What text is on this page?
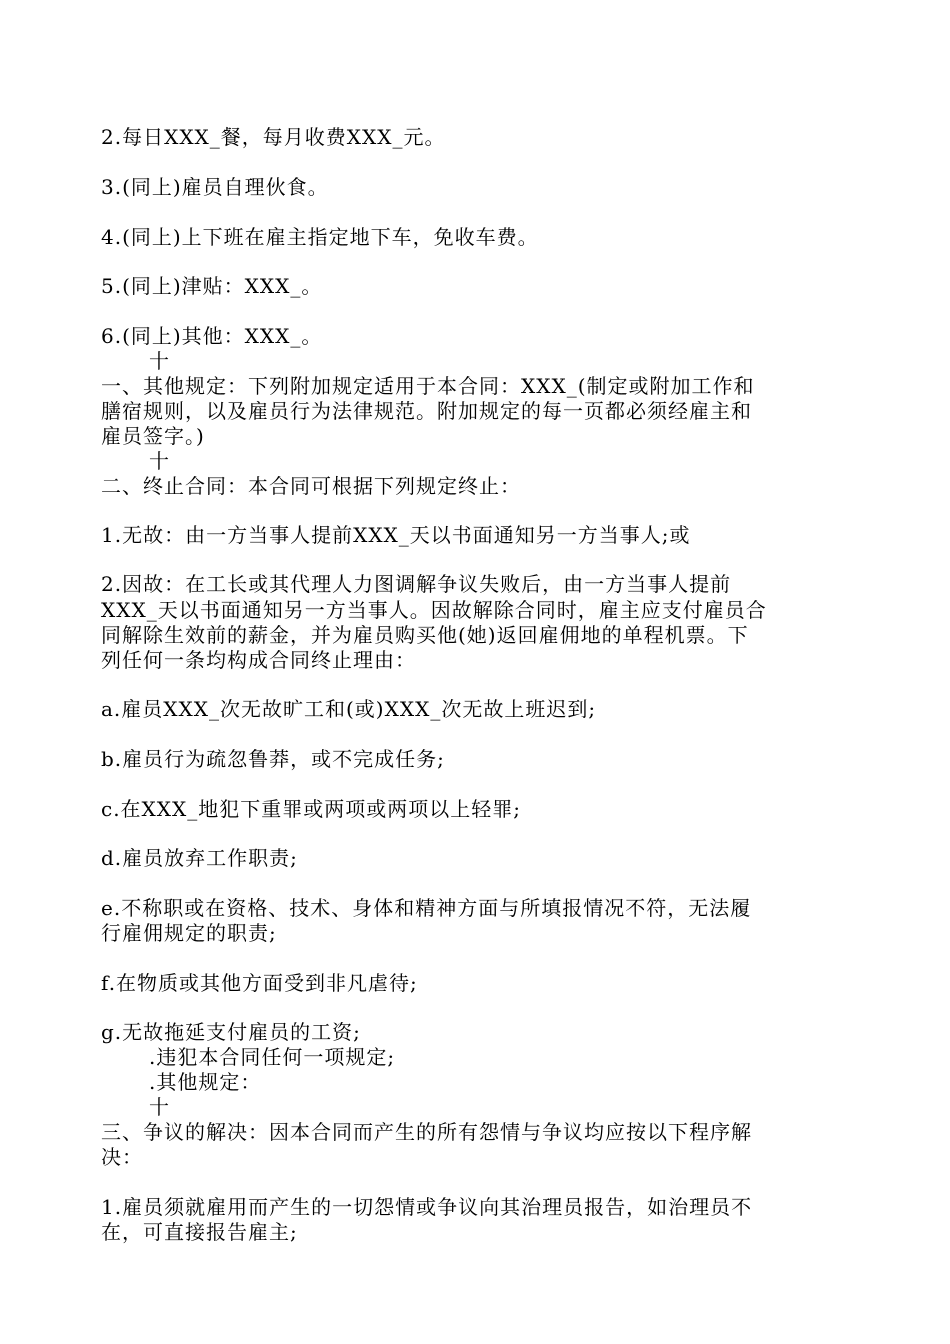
2.每日XXX_餐，每月收费XXX_元。
3.(同上)雇员自理伙食。
4.(同上)上下班在雇主指定地下车，免收车费。
5.(同上)津贴：XXX_。
6.(同上)其他：XXX_。
十
一、其他规定：下列附加规定适用于本合同：XXX_(制定或附加工作和
膳宿规则，以及雇员行为法律规范。附加规定的每一页都必须经雇主和
雇员签字。)
十
二、终止合同：本合同可根据下列规定终止：
1.无故：由一方当事人提前XXX_天以书面通知另一方当事人;或
2.因故：在工长或其代理人力图调解争议失败后，由一方当事人提前
XXX_天以书面通知另一方当事人。因故解除合同时，雇主应支付雇员合
同解除生效前的薪金，并为雇员购买他(她)返回雇佣地的单程机票。下
列任何一条均构成合同终止理由：
a.雇员XXX_次无故旷工和(或)XXX_次无故上班迟到;
b.雇员行为疏忽鲁莽，或不完成任务;
c.在XXX_地犯下重罪或两项或两项以上轻罪;
d.雇员放弃工作职责;
e.不称职或在资格、技术、身体和精神方面与所填报情况不符，无法履
行雇佣规定的职责;
f.在物质或其他方面受到非凡虐待;
g.无故拖延支付雇员的工资;
.违犯本合同任何一项规定;
.其他规定：
十
三、争议的解决：因本合同而产生的所有怨情与争议均应按以下程序解
决：
1.雇员须就雇用而产生的一切怨情或争议向其治理员报告，如治理员不
在，可直接报告雇主;
